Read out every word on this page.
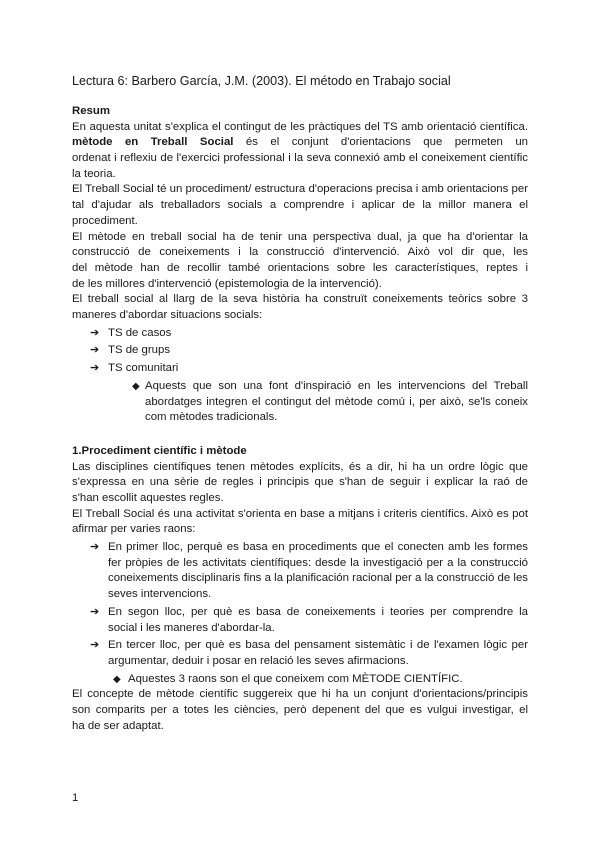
Lectura 6: Barbero García, J.M. (2003). El método en Trabajo social
Resum
En aquesta unitat s'explica el contingut de les pràctiques del TS amb orientació científica.
mètode en Treball Social és el conjunt d'orientacions que permeten un
ordenat i reflexiu de l'exercici professional i la seva connexió amb el coneixement científic
la teoria.
El Treball Social té un procediment/ estructura d'operacions precisa i amb orientacions per
tal d'ajudar als treballadors socials a comprendre i aplicar de la millor manera el
procediment.
El mètode en treball social ha de tenir una perspectiva dual, ja que ha d'orientar la
construcció de coneixements i la construcció d'intervenció. Això vol dir que, les
del mètode han de recollir també orientacions sobre les característiques, reptes i
de les millores d'intervenció (epistemologia de la intervenció).
El treball social al llarg de la seva història ha construït coneixements teòrics sobre 3
maneres d'abordar situacions socials:
➔ TS de casos
➔ TS de grups
➔ TS comunitari
◆ Aquests que son una font d'inspiració en les intervencions del Treball
abordatges integren el contingut del mètode comú i, per això, se'ls coneix
com mètodes tradicionals.
1.Procediment científic i mètode
Las disciplines científiques tenen mètodes explícits, és a dir, hi ha un ordre lògic que
s'expressa en una sèrie de regles i principis que s'han de seguir i explicar la raó de
s'han escollit aquestes regles.
El Treball Social és una activitat s'orienta en base a mitjans i criteris científics. Això es pot
afirmar per varies raons:
➔ En primer lloc, perquè es basa en procediments que el conecten amb les formes
fer pròpies de les activitats científiques: desde la investigació per a la construcció
coneixements disciplinaris fins a la planificación racional per a la construcció de les
seves intervencions.
➔ En segon lloc, per què es basa de coneixements i teories per comprendre la
social i les maneres d'abordar-la.
➔ En tercer lloc, per què es basa del pensament sistemàtic i de l'examen lògic per
argumentar, deduir i posar en relació les seves afirmacions.
◆ Aquestes 3 raons son el que coneixem com MÈTODE CIENTÍFIC.
El concepte de mètode científic suggereix que hi ha un conjunt d'orientacions/principis
son comparits per a totes les ciències, però depenent del que es vulgui investigar, el
ha de ser adaptat.
1
